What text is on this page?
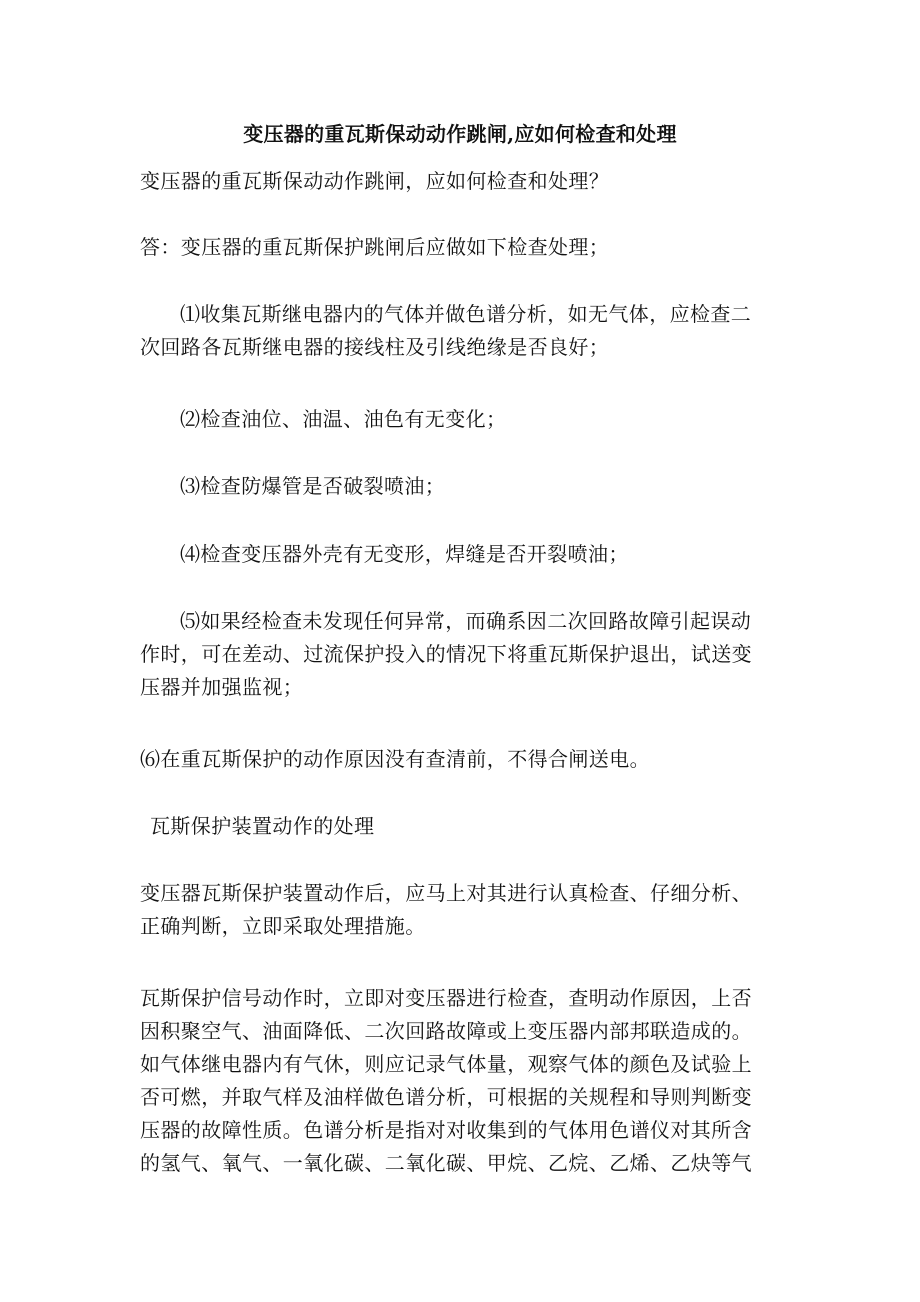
变压器的重瓦斯保动动作跳闸,应如何检查和处理
变压器的重瓦斯保动动作跳闸，应如何检查和处理？
答：变压器的重瓦斯保护跳闸后应做如下检查处理；
⑴收集瓦斯继电器内的气体并做色谱分析，如无气体，应检查二
次回路各瓦斯继电器的接线柱及引线绝缘是否良好；
⑵检查油位、油温、油色有无变化；
⑶检查防爆管是否破裂喷油；
⑷检查变压器外壳有无变形，焊缝是否开裂喷油；
⑸如果经检查未发现任何异常，而确系因二次回路故障引起误动
作时，可在差动、过流保护投入的情况下将重瓦斯保护退出，试送变
压器并加强监视；
⑹在重瓦斯保护的动作原因没有查清前，不得合闸送电。
瓦斯保护装置动作的处理
变压器瓦斯保护装置动作后，应马上对其进行认真检查、仔细分析、
正确判断，立即采取处理措施。
瓦斯保护信号动作时，立即对变压器进行检查，查明动作原因，上否
因积聚空气、油面降低、二次回路故障或上变压器内部邦联造成的。
如气体继电器内有气休，则应记录气体量，观察气体的颜色及试验上
否可燃，并取气样及油样做色谱分析，可根据的关规程和导则判断变
压器的故障性质。色谱分析是指对对收集到的气体用色谱仪对其所含
的氢气、氧气、一氧化碳、二氧化碳、甲烷、乙烷、乙烯、乙炔等气
